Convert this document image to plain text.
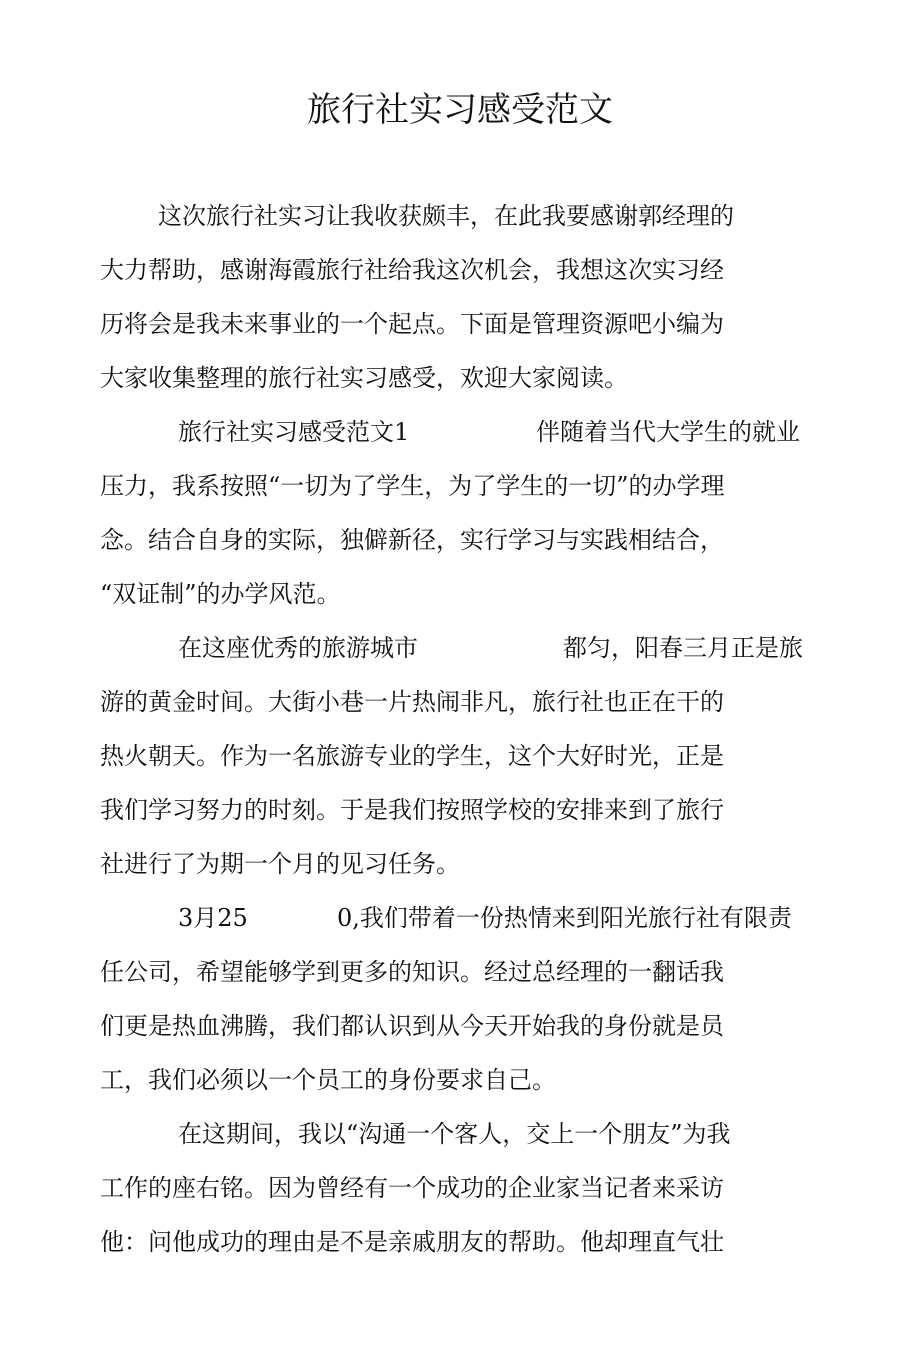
旅行社实习感受范文
这次旅行社实习让我收获颇丰，在此我要感谢郭经理的
大力帮助，感谢海霞旅行社给我这次机会，我想这次实习经
历将会是我未来事业的一个起点。下面是管理资源吧小编为
大家收集整理的旅行社实习感受，欢迎大家阅读。
旅行社实习感受范文1	伴随着当代大学生的就业
压力，我系按照“一切为了学生，为了学生的一切”的办学理
念。结合自身的实际，独僻新径，实行学习与实践相结合，
“双证制”的办学风范。
在这座优秀的旅游城市	都匀，阳春三月正是旅
游的黄金时间。大街小巷一片热闹非凡，旅行社也正在干的
热火朝天。作为一名旅游专业的学生，这个大好时光，正是
我们学习努力的时刻。于是我们按照学校的安排来到了旅行
社进行了为期一个月的见习任务。
3月25	0,我们带着一份热情来到阳光旅行社有限责
任公司，希望能够学到更多的知识。经过总经理的一翻话我
们更是热血沸腾，我们都认识到从今天开始我的身份就是员
工，我们必须以一个员工的身份要求自己。
在这期间，我以“沟通一个客人，交上一个朋友”为我
工作的座右铭。因为曾经有一个成功的企业家当记者来采访
他：问他成功的理由是不是亲戚朋友的帮助。他却理直气壮
